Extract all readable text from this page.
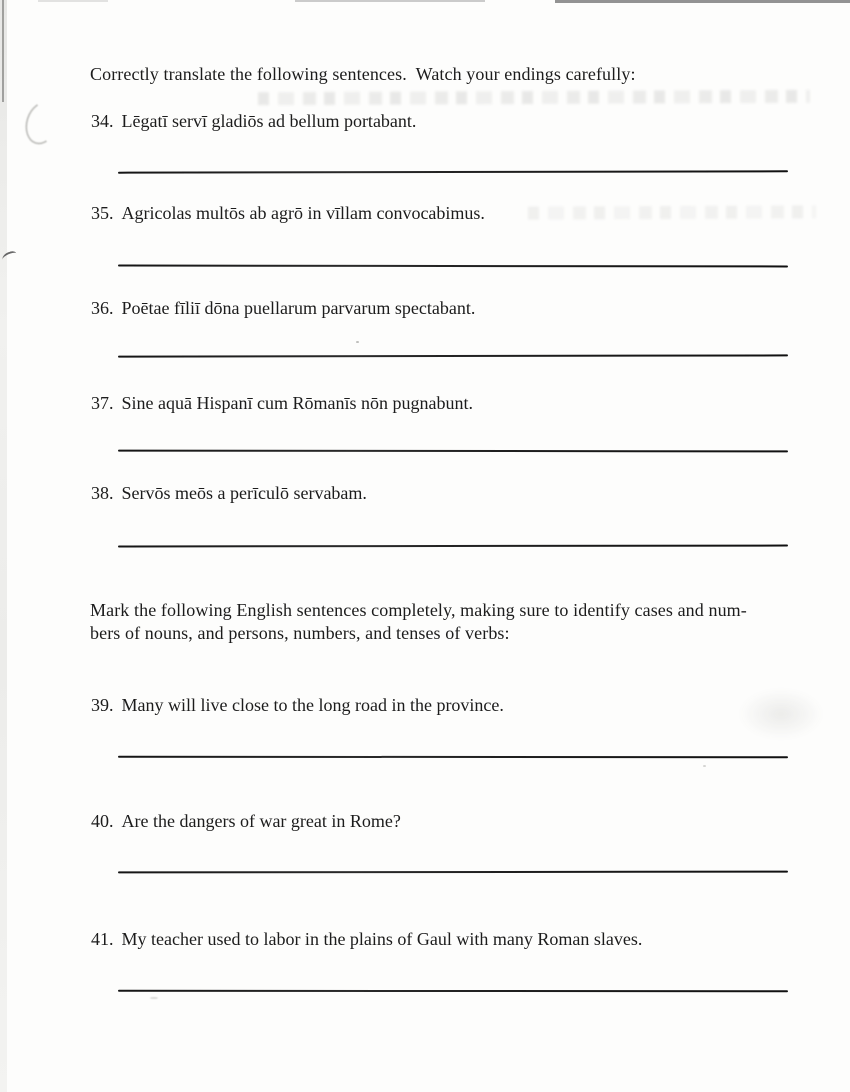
Correctly translate the following sentences.  Watch your endings carefully:
34. Lēgatī servī gladiōs ad bellum portabant.
35. Agricolas multōs ab agrō in vīllam convocabimus.
36. Poētae fīliī dōna puellarum parvarum spectabant.
37. Sine aquā Hispanī cum Rōmanīs nōn pugnabunt.
38. Servōs meōs a perīculō servabam.
Mark the following English sentences completely, making sure to identify cases and num-
bers of nouns, and persons, numbers, and tenses of verbs:
39. Many will live close to the long road in the province.
40. Are the dangers of war great in Rome?
41. My teacher used to labor in the plains of Gaul with many Roman slaves.
